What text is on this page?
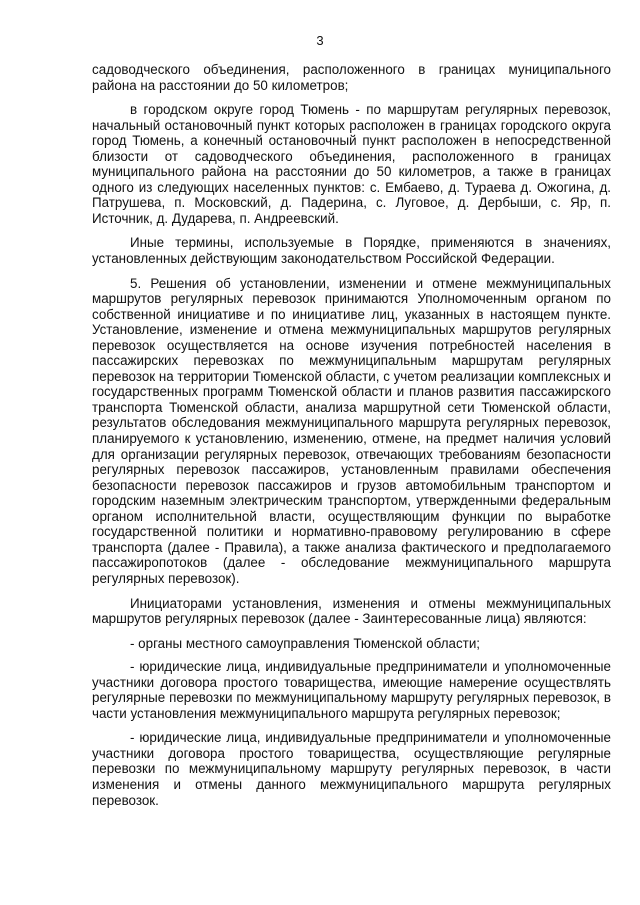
3

садоводческого объединения, расположенного в границах муниципального района на расстоянии до 50 километров;

в городском округе город Тюмень - по маршрутам регулярных перевозок, начальный остановочный пункт которых расположен в границах городского округа город Тюмень, а конечный остановочный пункт расположен в непосредственной близости от садоводческого объединения, расположенного в границах муниципального района на расстоянии до 50 километров, а также в границах одного из следующих населенных пунктов: с. Ембаево, д. Тураева д. Ожогина, д. Патрушева, п. Московский, д. Падерина, с. Луговое, д. Дербыши, с. Яр, п. Источник, д. Дударева, п. Андреевский.

Иные термины, используемые в Порядке, применяются в значениях, установленных действующим законодательством Российской Федерации.

5. Решения об установлении, изменении и отмене межмуниципальных маршрутов регулярных перевозок принимаются Уполномоченным органом по собственной инициативе и по инициативе лиц, указанных в настоящем пункте. Установление, изменение и отмена межмуниципальных маршрутов регулярных перевозок осуществляется на основе изучения потребностей населения в пассажирских перевозках по межмуниципальным маршрутам регулярных перевозок на территории Тюменской области, с учетом реализации комплексных и государственных программ Тюменской области и планов развития пассажирского транспорта Тюменской области, анализа маршрутной сети Тюменской области, результатов обследования межмуниципального маршрута регулярных перевозок, планируемого к установлению, изменению, отмене, на предмет наличия условий для организации регулярных перевозок, отвечающих требованиям безопасности регулярных перевозок пассажиров, установленным правилами обеспечения безопасности перевозок пассажиров и грузов автомобильным транспортом и городским наземным электрическим транспортом, утвержденными федеральным органом исполнительной власти, осуществляющим функции по выработке государственной политики и нормативно-правовому регулированию в сфере транспорта (далее - Правила), а также анализа фактического и предполагаемого пассажиропотоков (далее - обследование межмуниципального маршрута регулярных перевозок).

Инициаторами установления, изменения и отмены межмуниципальных маршрутов регулярных перевозок (далее - Заинтересованные лица) являются:

- органы местного самоуправления Тюменской области;

- юридические лица, индивидуальные предприниматели и уполномоченные участники договора простого товарищества, имеющие намерение осуществлять регулярные перевозки по межмуниципальному маршруту регулярных перевозок, в части установления межмуниципального маршрута регулярных перевозок;

- юридические лица, индивидуальные предприниматели и уполномоченные участники договора простого товарищества, осуществляющие регулярные перевозки по межмуниципальному маршруту регулярных перевозок, в части изменения и отмены данного межмуниципального маршрута регулярных перевозок.
